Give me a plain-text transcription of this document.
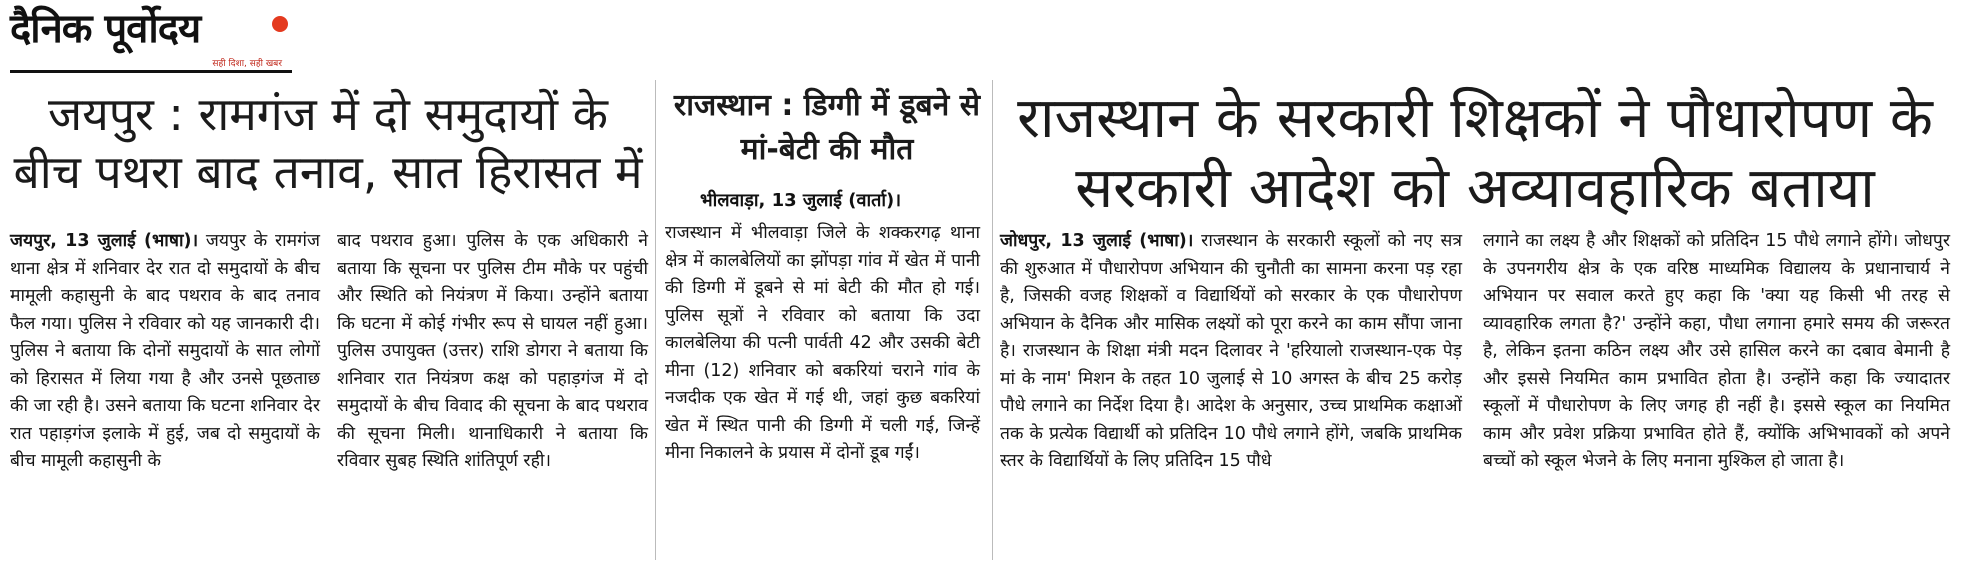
दैनिक पूर्वोदय
सही दिशा, सही खबर
जयपुर : रामगंज में दो समुदायों के बीच पथरा बाद तनाव, सात हिरासत में
जयपुर, 13 जुलाई (भाषा)। जयपुर के रामगंज थाना क्षेत्र में शनिवार देर रात दो समुदायों के बीच मामूली कहासुनी के बाद पथराव के बाद तनाव फैल गया। पुलिस ने रविवार को यह जानकारी दी। पुलिस ने बताया कि दोनों समुदायों के सात लोगों को हिरासत में लिया गया है और उनसे पूछताछ की जा रही है। उसने बताया कि घटना शनिवार देर रात पहाड़गंज इलाके में हुई, जब दो समुदायों के बीच मामूली कहासुनी के
बाद पथराव हुआ। पुलिस के एक अधिकारी ने बताया कि सूचना पर पुलिस टीम मौके पर पहुंची और स्थिति को नियंत्रण में किया। उन्होंने बताया कि घटना में कोई गंभीर रूप से घायल नहीं हुआ। पुलिस उपायुक्त (उत्तर) राशि डोगरा ने बताया कि शनिवार रात नियंत्रण कक्ष को पहाड़गंज में दो समुदायों के बीच विवाद की सूचना के बाद पथराव की सूचना मिली। थानाधिकारी ने बताया कि रविवार सुबह स्थिति शांतिपूर्ण रही।
राजस्थान : डिग्गी में डूबने से मां-बेटी की मौत
भीलवाड़ा, 13 जुलाई (वार्ता)।
राजस्थान में भीलवाड़ा जिले के शक्करगढ़ थाना क्षेत्र में कालबेलियों का झोंपड़ा गांव में खेत में पानी की डिग्गी में डूबने से मां बेटी की मौत हो गई। पुलिस सूत्रों ने रविवार को बताया कि उदा कालबेलिया की पत्नी पार्वती 42 और उसकी बेटी मीना (12) शनिवार को बकरियां चराने गांव के नजदीक एक खेत में गई थी, जहां कुछ बकरियां खेत में स्थित पानी की डिग्गी में चली गई, जिन्हें मीना निकालने के प्रयास में दोनों डूब गईं।
राजस्थान के सरकारी शिक्षकों ने पौधारोपण के सरकारी आदेश को अव्यावहारिक बताया
जोधपुर, 13 जुलाई (भाषा)। राजस्थान के सरकारी स्कूलों को नए सत्र की शुरुआत में पौधारोपण अभियान की चुनौती का सामना करना पड़ रहा है, जिसकी वजह शिक्षकों व विद्यार्थियों को सरकार के एक पौधारोपण अभियान के दैनिक और मासिक लक्ष्यों को पूरा करने का काम सौंपा जाना है। राजस्थान के शिक्षा मंत्री मदन दिलावर ने 'हरियालो राजस्थान-एक पेड़ मां के नाम' मिशन के तहत 10 जुलाई से 10 अगस्त के बीच 25 करोड़ पौधे लगाने का निर्देश दिया है। आदेश के अनुसार, उच्च प्राथमिक कक्षाओं तक के प्रत्येक विद्यार्थी को प्रतिदिन 10 पौधे लगाने होंगे, जबकि प्राथमिक स्तर के विद्यार्थियों के लिए प्रतिदिन 15 पौधे
लगाने का लक्ष्य है और शिक्षकों को प्रतिदिन 15 पौधे लगाने होंगे। जोधपुर के उपनगरीय क्षेत्र के एक वरिष्ठ माध्यमिक विद्यालय के प्रधानाचार्य ने अभियान पर सवाल करते हुए कहा कि 'क्या यह किसी भी तरह से व्यावहारिक लगता है?' उन्होंने कहा, पौधा लगाना हमारे समय की जरूरत है, लेकिन इतना कठिन लक्ष्य और उसे हासिल करने का दबाव बेमानी है और इससे नियमित काम प्रभावित होता है। उन्होंने कहा कि ज्यादातर स्कूलों में पौधारोपण के लिए जगह ही नहीं है। इससे स्कूल का नियमित काम और प्रवेश प्रक्रिया प्रभावित होते हैं, क्योंकि अभिभावकों को अपने बच्चों को स्कूल भेजने के लिए मनाना मुश्किल हो जाता है।
